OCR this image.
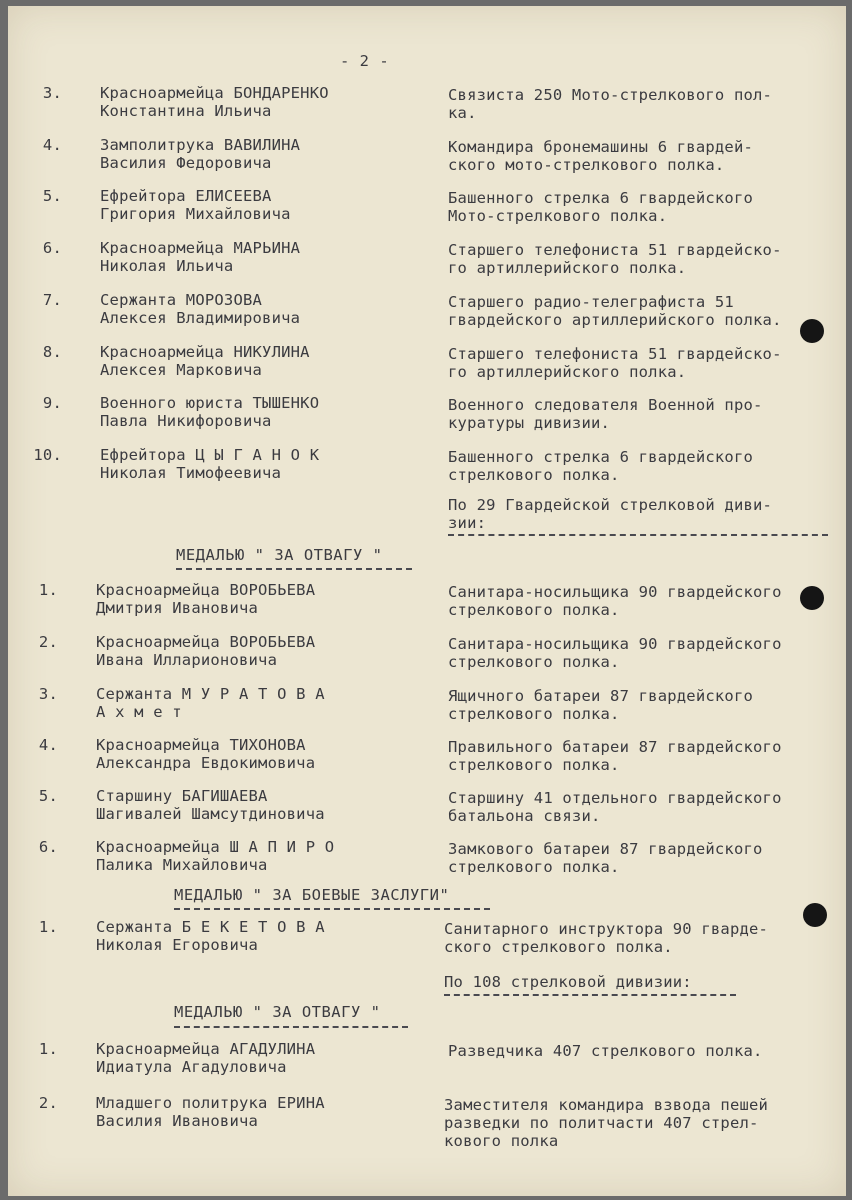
- 2 -
3. Красноармейца БОНДАРЕНКО
Константина Ильича
Связиста 250 Мото-стрелкового пол-
ка.
4. Замполитрука ВАВИЛИНА
Василия Федоровича
Командира бронемашины 6 гвардей-
ского мото-стрелкового полка.
5. Ефрейтора ЕЛИСЕЕВА
Григория Михайловича
Башенного стрелка 6 гвардейского
Мото-стрелкового полка.
6. Красноармейца МАРЬИНА
Николая Ильича
Старшего телефониста 51 гвардейско-
го артиллерийского полка.
7. Сержанта МОРОЗОВА
Алексея Владимировича
Старшего радио-телеграфиста 51
гвардейского артиллерийского полка.
8. Красноармейца НИКУЛИНА
Алексея Марковича
Старшего телефониста 51 гвардейско-
го артиллерийского полка.
9. Военного юриста ТЫШЕНКО
Павла Никифоровича
Военного следователя Военной про-
куратуры дивизии.
10. Ефрейтора Ц Ы Г А Н О К
Николая Тимофеевича
Башенного стрелка 6 гвардейского
стрелкового полка.
По 29 Гвардейской стрелковой диви-
зии:
МЕДАЛЬЮ " ЗА ОТВАГУ "
1. Красноармейца ВОРОБЬЕВА
Дмитрия Ивановича
Санитара-носильщика 90 гвардейского
стрелкового полка.
2. Красноармейца ВОРОБЬЕВА
Ивана Илларионовича
Санитара-носильщика 90 гвардейского
стрелкового полка.
3. Сержанта М У Р А Т О В А
А х м е т
Ящичного батареи 87 гвардейского
стрелкового полка.
4. Красноармейца ТИХОНОВА
Александра Евдокимовича
Правильного батареи 87 гвардейского
стрелкового полка.
5. Старшину БАГИШАЕВА
Шагивалей Шамсутдиновича
Старшину 41 отдельного гвардейского
батальона связи.
6. Красноармейца Ш А П И Р О
Палика Михайловича
Замкового батареи 87 гвардейского
стрелкового полка.
МЕДАЛЬЮ " ЗА БОЕВЫЕ ЗАСЛУГИ"
1. Сержанта Б Е К Е Т О В А
Николая Егоровича
Санитарного инструктора 90 гварде-
ского стрелкового полка.
По 108 стрелковой дивизии:
МЕДАЛЬЮ " ЗА ОТВАГУ "
1. Красноармейца АГАДУЛИНА
Идиатула Агадуловича
Разведчика 407 стрелкового полка.
2. Младшего политрука ЕРИНА
Василия Ивановича
Заместителя командира взвода пешей
разведки по политчасти 407 стрел-
кового полка
